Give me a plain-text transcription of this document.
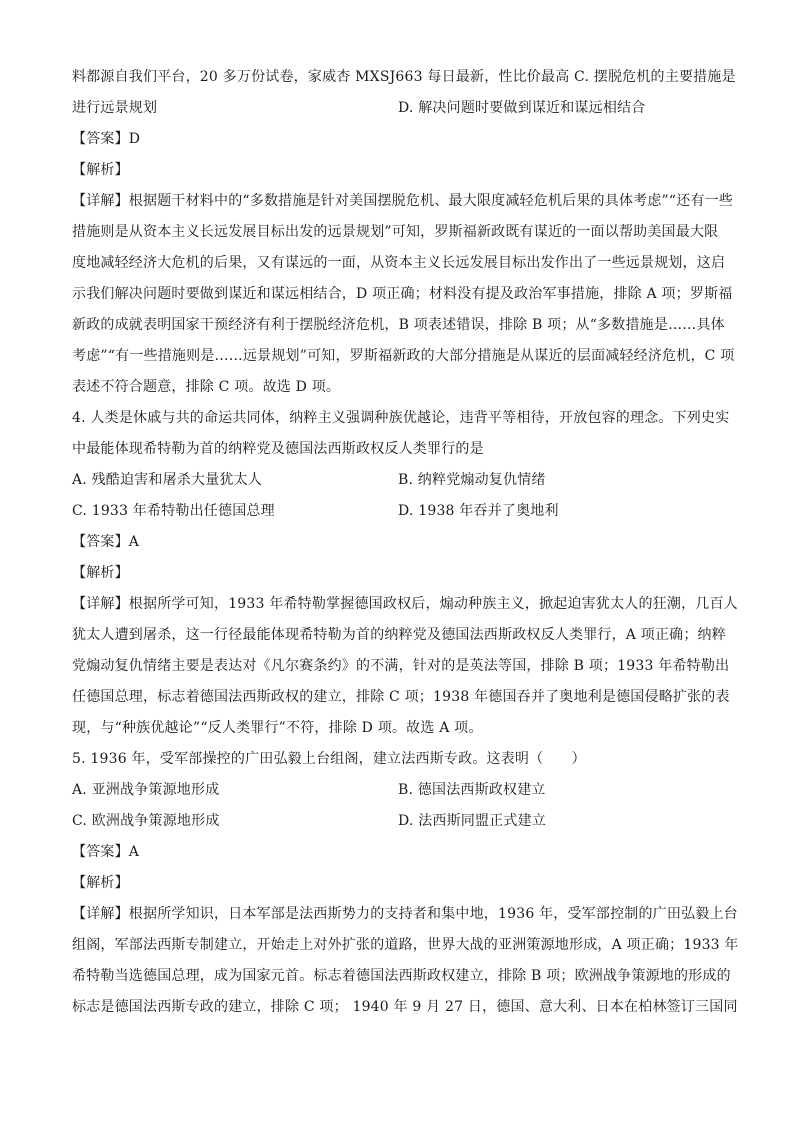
料都源自我们平台，20 多万份试卷，家威杏 MXSJ663 每日最新，性比价最高 C. 摆脱危机的主要措施是
进行远景规划	D. 解决问题时要做到谋近和谋远相结合
【答案】D
【解析】
【详解】根据题干材料中的“多数措施是针对美国摆脱危机、最大限度减轻危机后果的具体考虑”“还有一些
措施则是从资本主义长远发展目标出发的远景规划”可知，罗斯福新政既有谋近的一面以帮助美国最大限
度地减轻经济大危机的后果，又有谋远的一面，从资本主义长远发展目标出发作出了一些远景规划，这启
示我们解决问题时要做到谋近和谋远相结合，D 项正确；材料没有提及政治军事措施，排除 A 项；罗斯福
新政的成就表明国家干预经济有利于摆脱经济危机，B 项表述错误，排除 B 项；从“多数措施是……具体
考虑”“有一些措施则是……远景规划”可知，罗斯福新政的大部分措施是从谋近的层面减轻经济危机，C 项
表述不符合题意，排除 C 项。故选 D 项。
4. 人类是休戚与共的命运共同体，纳粹主义强调种族优越论，违背平等相待，开放包容的理念。下列史实
中最能体现希特勒为首的纳粹党及德国法西斯政权反人类罪行的是
A. 残酷迫害和屠杀大量犹太人	B. 纳粹党煽动复仇情绪
C. 1933 年希特勒出任德国总理	D. 1938 年吞并了奥地利
【答案】A
【解析】
【详解】根据所学可知，1933 年希特勒掌握德国政权后，煽动种族主义，掀起迫害犹太人的狂潮，几百人
犹太人遭到屠杀，这一行径最能体现希特勒为首的纳粹党及德国法西斯政权反人类罪行，A 项正确；纳粹
党煽动复仇情绪主要是表达对《凡尔赛条约》的不满，针对的是英法等国，排除 B 项；1933 年希特勒出
任德国总理，标志着德国法西斯政权的建立，排除 C 项；1938 年德国吞并了奥地利是德国侵略扩张的表
现，与“种族优越论”“反人类罪行”不符，排除 D 项。故选 A 项。
5. 1936 年，受军部操控的广田弘毅上台组阁，建立法西斯专政。这表明（　　）
A. 亚洲战争策源地形成	B. 德国法西斯政权建立
C. 欧洲战争策源地形成	D. 法西斯同盟正式建立
【答案】A
【解析】
【详解】根据所学知识，日本军部是法西斯势力的支持者和集中地，1936 年，受军部控制的广田弘毅上台
组阁，军部法西斯专制建立，开始走上对外扩张的道路，世界大战的亚洲策源地形成，A 项正确；1933 年
希特勒当选德国总理，成为国家元首。标志着德国法西斯政权建立，排除 B 项；欧洲战争策源地的形成的
标志是德国法西斯专政的建立，排除 C 项； 1940 年 9 月 27 日，德国、意大利、日本在柏林签订三国同
